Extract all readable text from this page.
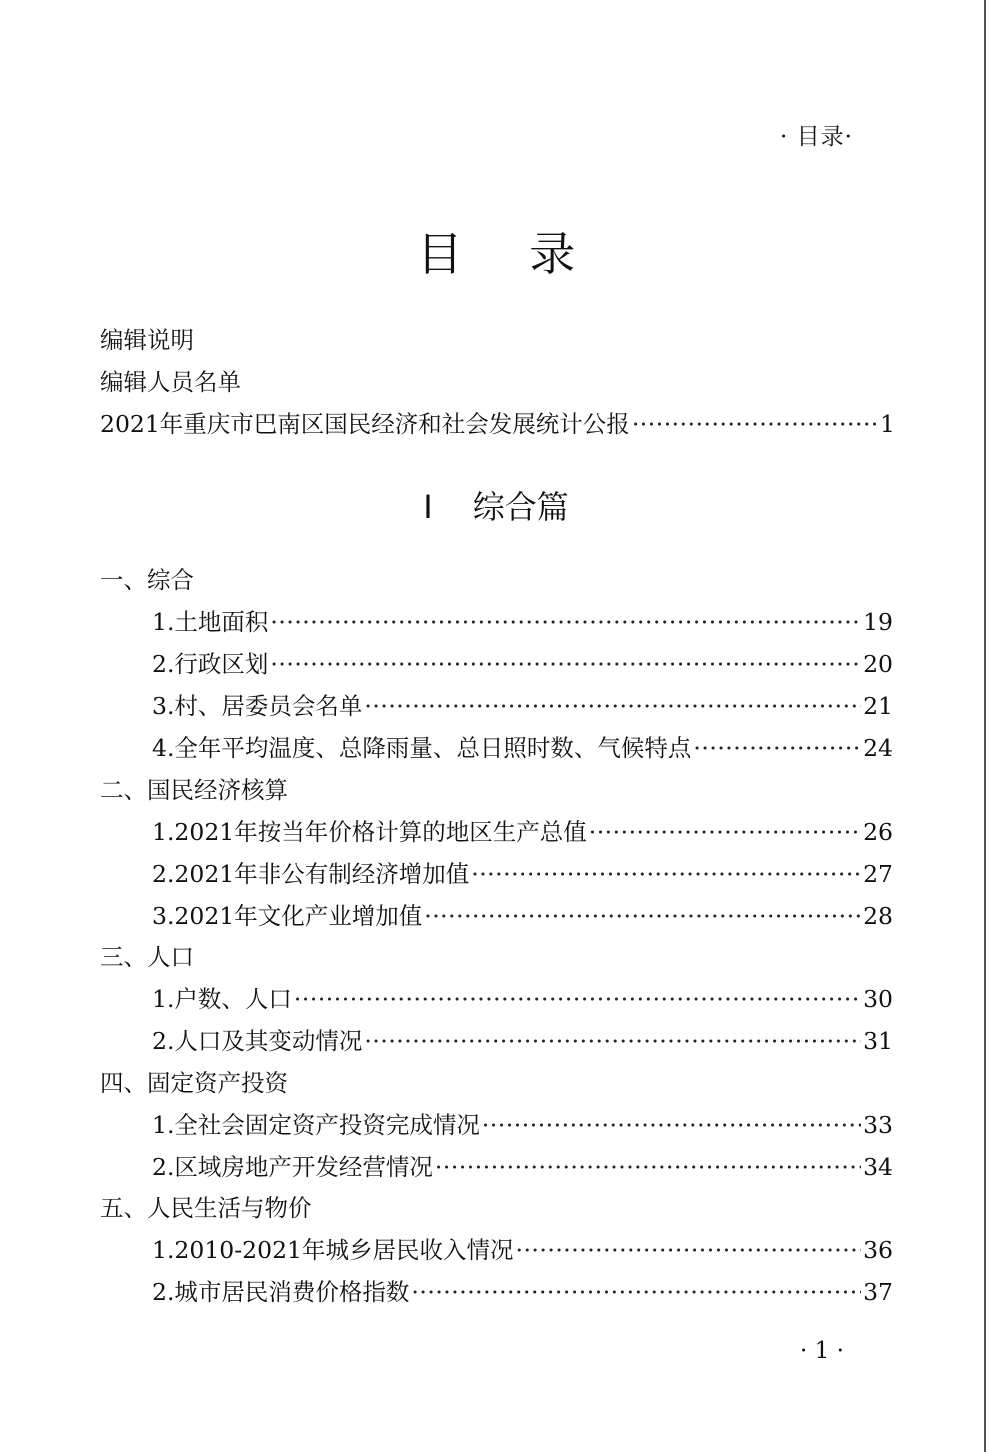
· 目录·
目 录
编辑说明
编辑人员名单
2021年重庆市巴南区国民经济和社会发展统计公报 ·····	1
Ⅰ 综合篇
一、综合
1.土地面积 ·····	19
2.行政区划 ·····	20
3.村、居委员会名单 ·····	21
4.全年平均温度、总降雨量、总日照时数、气候特点 ·····	24
二、国民经济核算
1.2021年按当年价格计算的地区生产总值 ·····	26
2.2021年非公有制经济增加值 ·····	27
3.2021年文化产业增加值 ·····	28
三、人口
1.户数、人口 ·····	30
2.人口及其变动情况 ·····	31
四、固定资产投资
1.全社会固定资产投资完成情况 ·····	33
2.区域房地产开发经营情况 ·····	34
五、人民生活与物价
1.2010-2021年城乡居民收入情况 ·····	36
2.城市居民消费价格指数 ·····	37
· 1 ·
